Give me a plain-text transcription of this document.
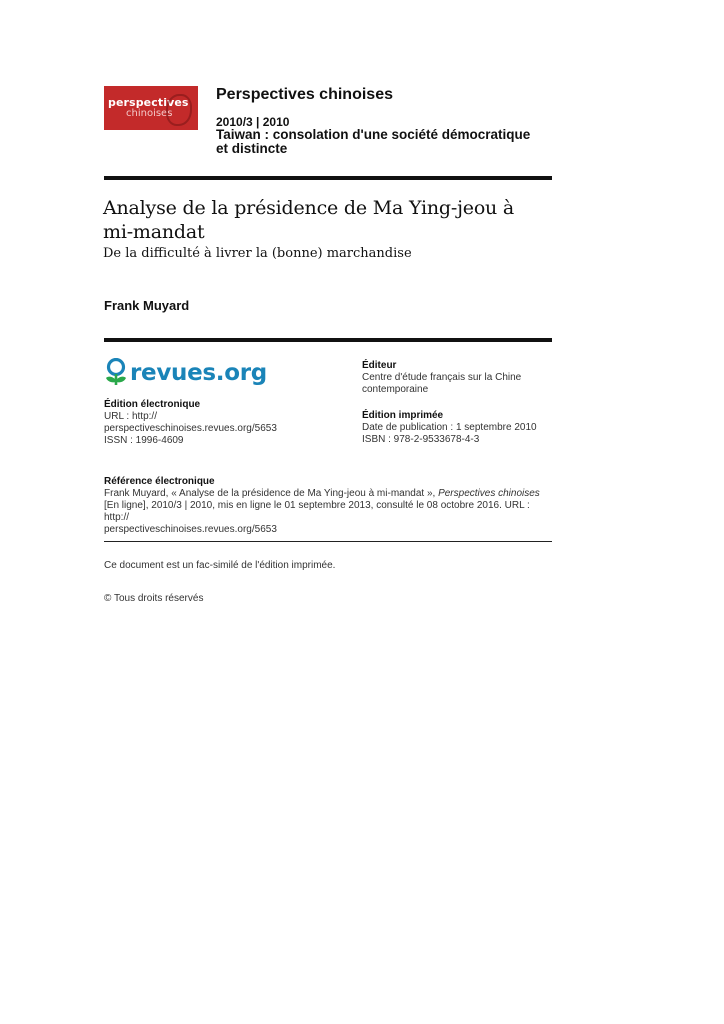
perspectives
chinoises
Perspectives chinoises
2010/3 | 2010
Taiwan : consolation d'une société démocratique et distincte
Analyse de la présidence de Ma Ying-jeou à mi-mandat
De la difficulté à livrer la (bonne) marchandise
Frank Muyard
revues.org
Édition électronique
URL : http://
perspectiveschinoises.revues.org/5653
ISSN : 1996-4609
Éditeur
Centre d'étude français sur la Chine contemporaine
Édition imprimée
Date de publication : 1 septembre 2010
ISBN : 978-2-9533678-4-3
Référence électronique
Frank Muyard, « Analyse de la présidence de Ma Ying-jeou à mi-mandat », Perspectives chinoises [En ligne], 2010/3 | 2010, mis en ligne le 01 septembre 2013, consulté le 08 octobre 2016. URL : http://
perspectiveschinoises.revues.org/5653
Ce document est un fac-similé de l'édition imprimée.
© Tous droits réservés
